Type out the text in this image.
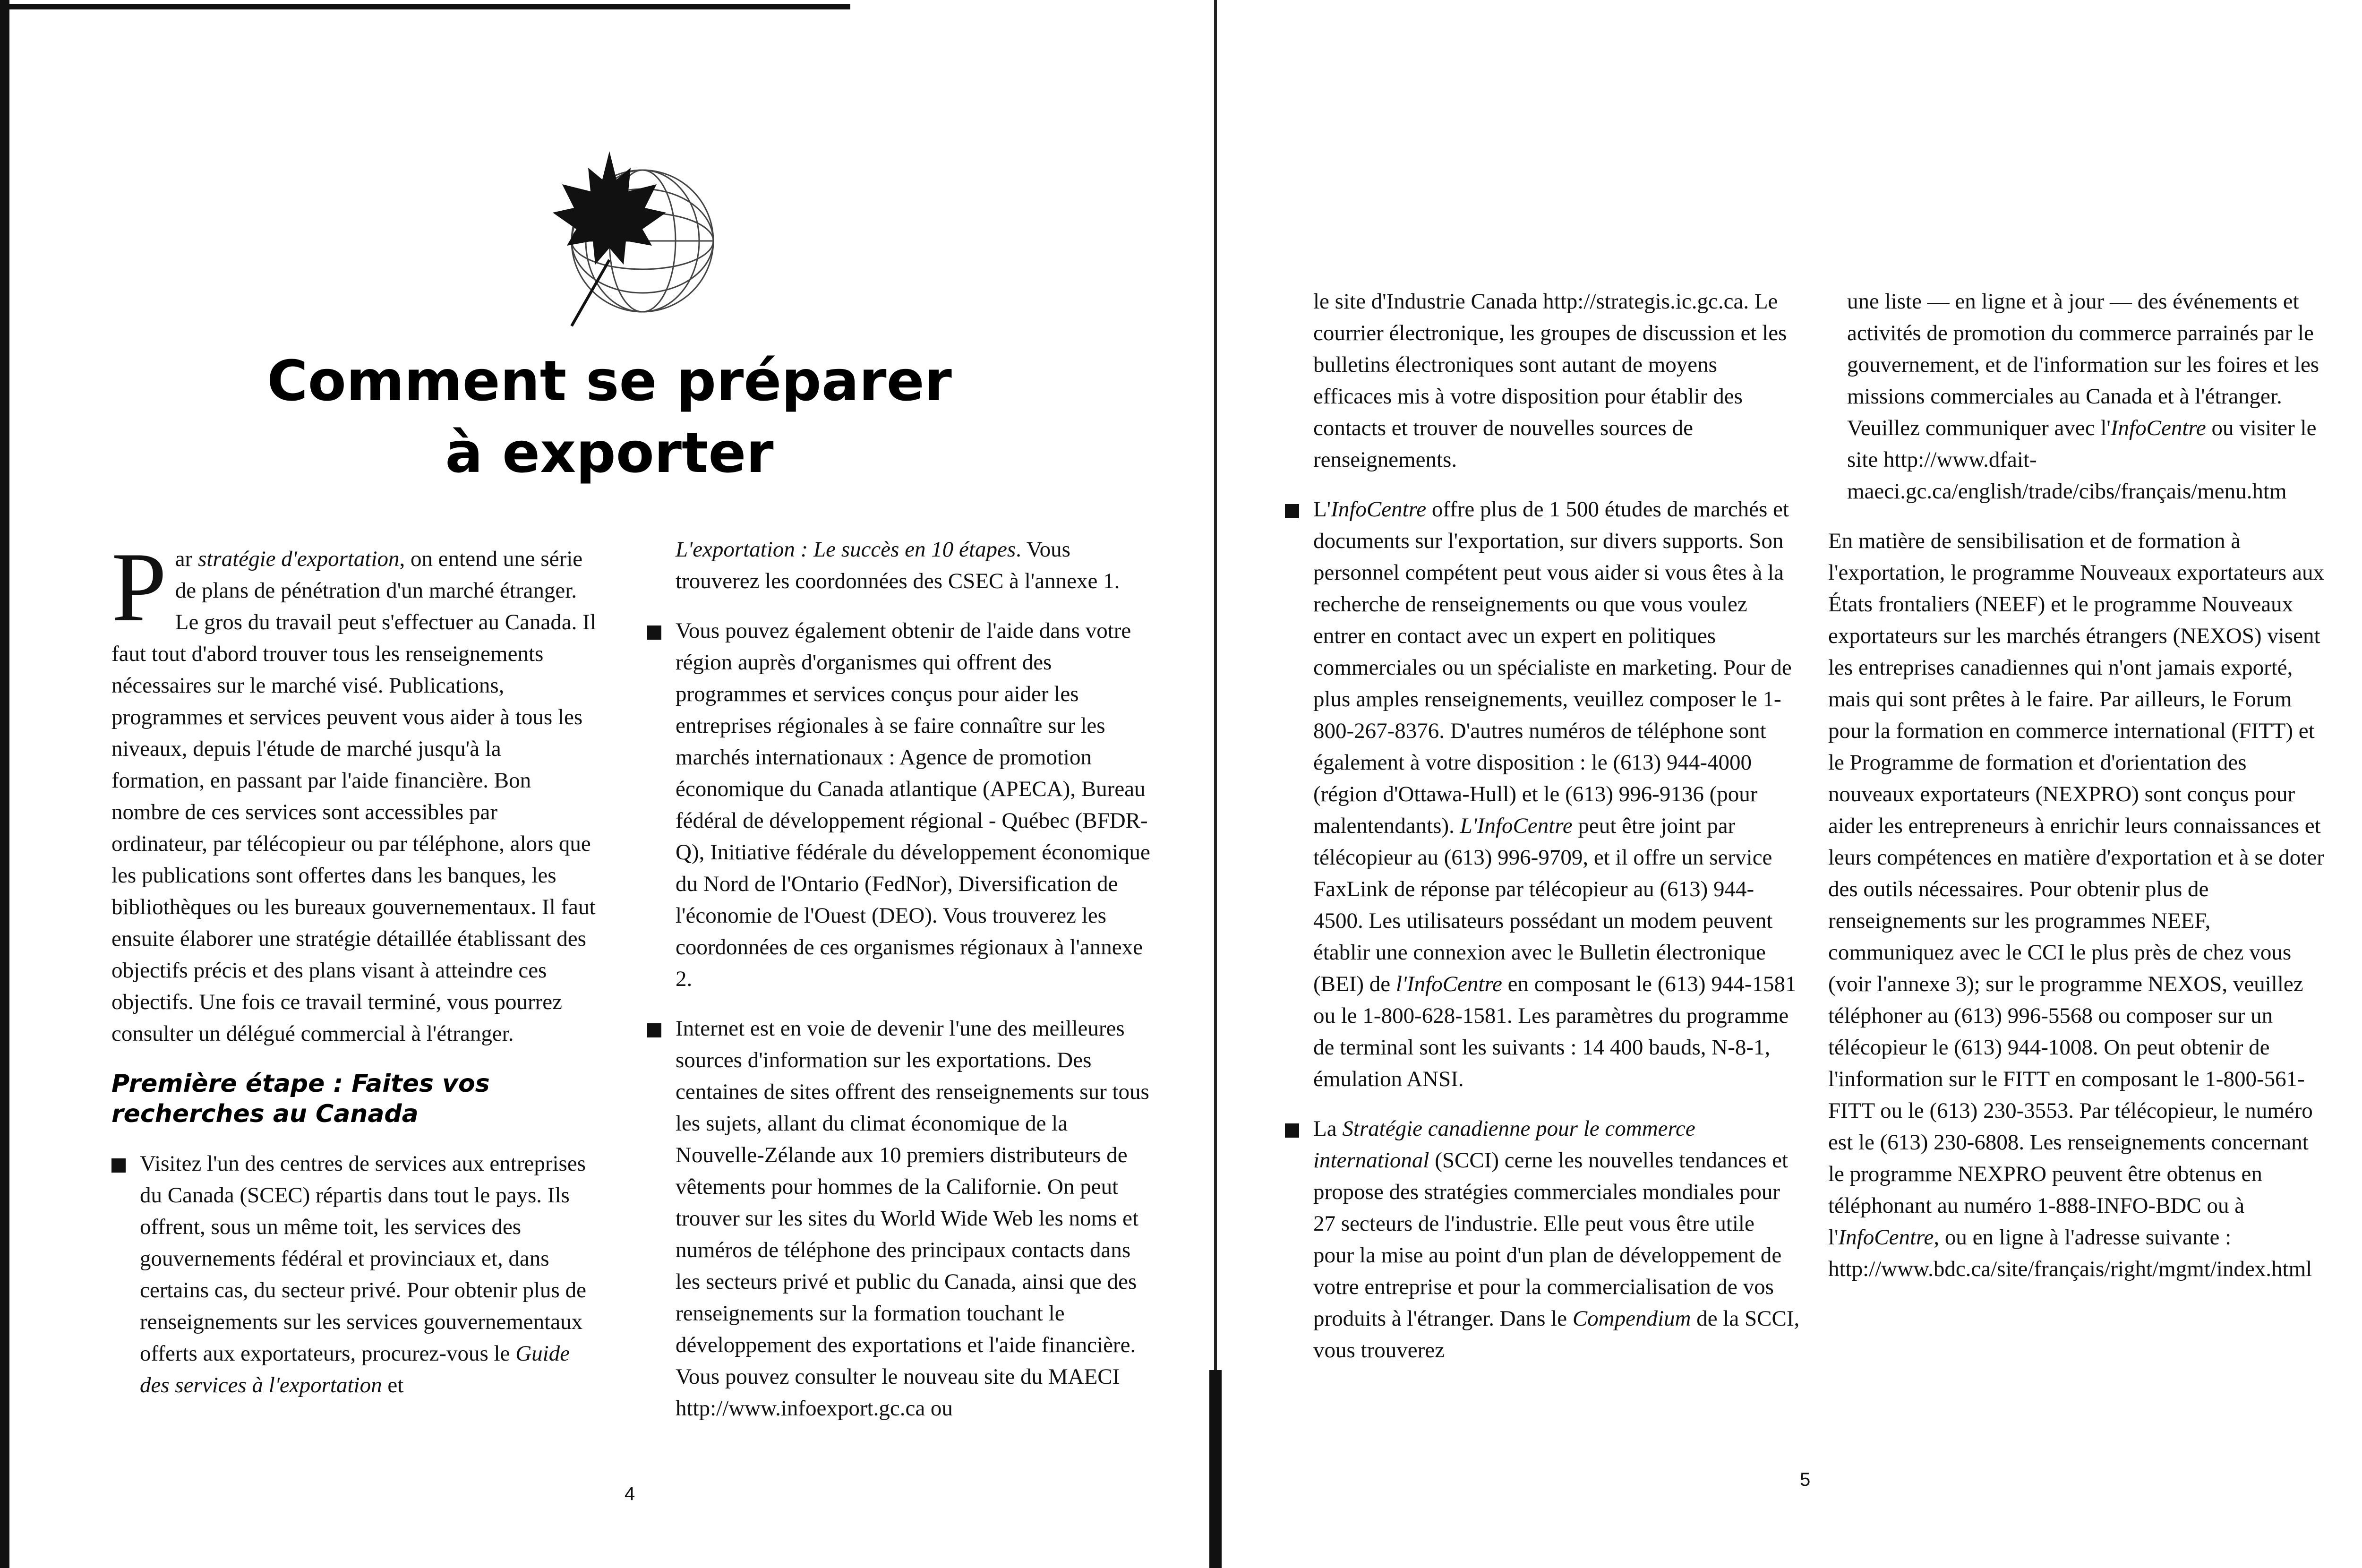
Comment se préparer
à exporter

Par stratégie d'exportation, on entend une série de plans de pénétration d'un marché étranger. Le gros du travail peut s'effectuer au Canada. Il faut tout d'abord trouver tous les renseignements nécessaires sur le marché visé. Publications, programmes et services peuvent vous aider à tous les niveaux, depuis l'étude de marché jusqu'à la formation, en passant par l'aide financière. Bon nombre de ces services sont accessibles par ordinateur, par télécopieur ou par téléphone, alors que les publications sont offertes dans les banques, les bibliothèques ou les bureaux gouvernementaux. Il faut ensuite élaborer une stratégie détaillée établissant des objectifs précis et des plans visant à atteindre ces objectifs. Une fois ce travail terminé, vous pourrez consulter un délégué commercial à l'étranger.

Première étape : Faites vos recherches au Canada
Visitez l'un des centres de services aux entreprises du Canada (SCEC) répartis dans tout le pays. Ils offrent, sous un même toit, les services des gouvernements fédéral et provinciaux et, dans certains cas, du secteur privé. Pour obtenir plus de renseignements sur les services gouvernementaux offerts aux exportateurs, procurez-vous le Guide des services à l'exportation et

L'exportation : Le succès en 10 étapes. Vous trouverez les coordonnées des CSEC à l'annexe 1.

Vous pouvez également obtenir de l'aide dans votre région auprès d'organismes qui offrent des programmes et services conçus pour aider les entreprises régionales à se faire connaître sur les marchés internationaux : Agence de promotion économique du Canada atlantique (APECA), Bureau fédéral de développement régional - Québec (BFDR-Q), Initiative fédérale du développement économique du Nord de l'Ontario (FedNor), Diversification de l'économie de l'Ouest (DEO). Vous trouverez les coordonnées de ces organismes régionaux à l'annexe 2.
Internet est en voie de devenir l'une des meilleures sources d'information sur les exportations. Des centaines de sites offrent des renseignements sur tous les sujets, allant du climat économique de la Nouvelle-Zélande aux 10 premiers distributeurs de vêtements pour hommes de la Californie. On peut trouver sur les sites du World Wide Web les noms et numéros de téléphone des principaux contacts dans les secteurs privé et public du Canada, ainsi que des renseignements sur la formation touchant le développement des exportations et l'aide financière. Vous pouvez consulter le nouveau site du MAECI http://www.infoexport.gc.ca ou
4

le site d'Industrie Canada http://strategis.ic.gc.ca. Le courrier électronique, les groupes de discussion et les bulletins électroniques sont autant de moyens efficaces mis à votre disposition pour établir des contacts et trouver de nouvelles sources de renseignements.

L'InfoCentre offre plus de 1 500 études de marchés et documents sur l'exportation, sur divers supports. Son personnel compétent peut vous aider si vous êtes à la recherche de renseignements ou que vous voulez entrer en contact avec un expert en politiques commerciales ou un spécialiste en marketing. Pour de plus amples renseignements, veuillez composer le 1-800-267-8376. D'autres numéros de téléphone sont également à votre disposition : le (613) 944-4000 (région d'Ottawa-Hull) et le (613) 996-9136 (pour malentendants). L'InfoCentre peut être joint par télécopieur au (613) 996-9709, et il offre un service FaxLink de réponse par télécopieur au (613) 944-4500. Les utilisateurs possédant un modem peuvent établir une connexion avec le Bulletin électronique (BEI) de l'InfoCentre en composant le (613) 944-1581 ou le 1-800-628-1581. Les paramètres du programme de terminal sont les suivants : 14 400 bauds, N-8-1, émulation ANSI.
La Stratégie canadienne pour le commerce international (SCCI) cerne les nouvelles tendances et propose des stratégies commerciales mondiales pour 27 secteurs de l'industrie. Elle peut vous être utile pour la mise au point d'un plan de développement de votre entreprise et pour la commercialisation de vos produits à l'étranger. Dans le Compendium de la SCCI, vous trouverez

une liste — en ligne et à jour — des événements et activités de promotion du commerce parrainés par le gouvernement, et de l'information sur les foires et les missions commerciales au Canada et à l'étranger. Veuillez communiquer avec l'InfoCentre ou visiter le site http://www.dfait-maeci.gc.ca/english/trade/cibs/français/menu.htm

En matière de sensibilisation et de formation à l'exportation, le programme Nouveaux exportateurs aux États frontaliers (NEEF) et le programme Nouveaux exportateurs sur les marchés étrangers (NEXOS) visent les entreprises canadiennes qui n'ont jamais exporté, mais qui sont prêtes à le faire. Par ailleurs, le Forum pour la formation en commerce international (FITT) et le Programme de formation et d'orientation des nouveaux exportateurs (NEXPRO) sont conçus pour aider les entrepreneurs à enrichir leurs connaissances et leurs compétences en matière d'exportation et à se doter des outils nécessaires. Pour obtenir plus de renseignements sur les programmes NEEF, communiquez avec le CCI le plus près de chez vous (voir l'annexe 3); sur le programme NEXOS, veuillez téléphoner au (613) 996-5568 ou composer sur un télécopieur le (613) 944-1008. On peut obtenir de l'information sur le FITT en composant le 1-800-561-FITT ou le (613) 230-3553. Par télécopieur, le numéro est le (613) 230-6808. Les renseignements concernant le programme NEXPRO peuvent être obtenus en téléphonant au numéro 1-888-INFO-BDC ou à l'InfoCentre, ou en ligne à l'adresse suivante : http://www.bdc.ca/site/français/right/mgmt/index.html

5
